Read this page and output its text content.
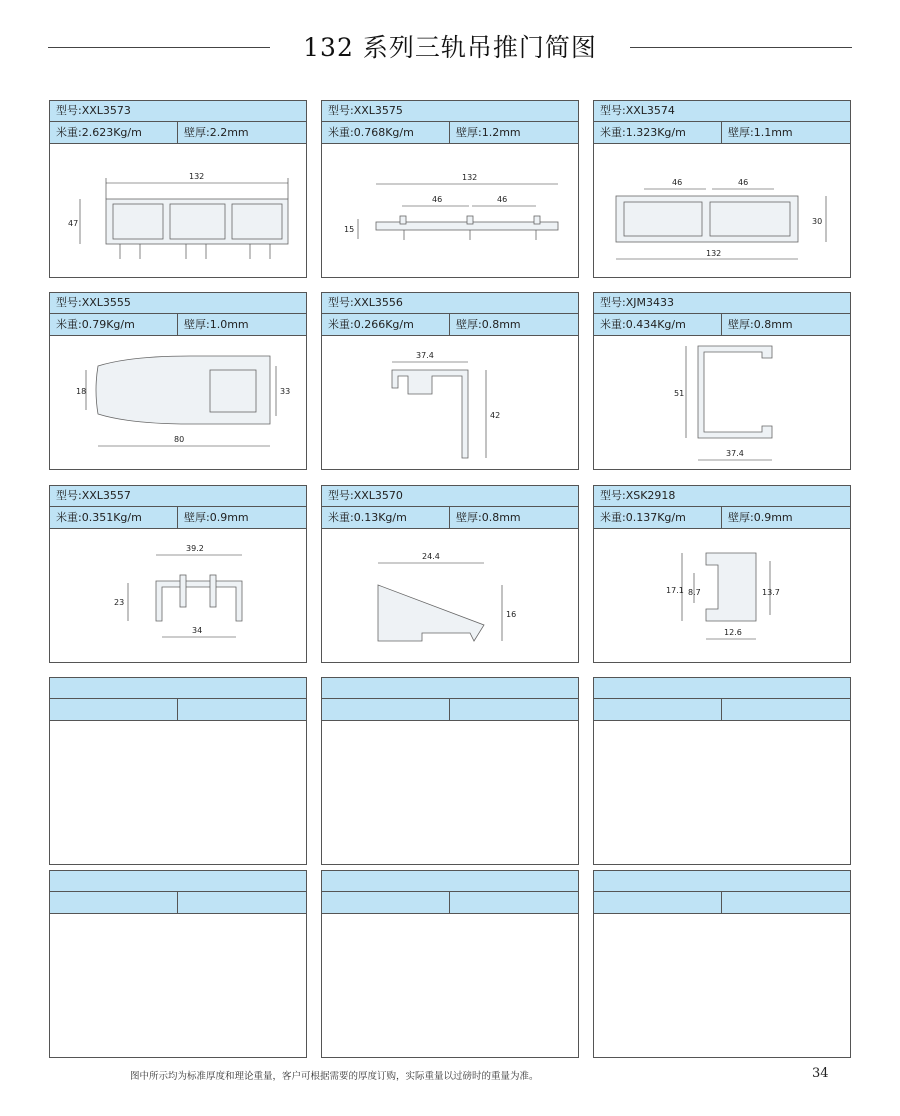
132 系列三轨吊推门简图
型号:XXL3573
米重:2.623Kg/m	壁厚:2.2mm
132
47
型号:XXL3575
米重:0.768Kg/m	壁厚:1.2mm
132
46	46
15
型号:XXL3574
米重:1.323Kg/m	壁厚:1.1mm
46	46
30
132
型号:XXL3555
米重:0.79Kg/m	壁厚:1.0mm
18	33
80
型号:XXL3556
米重:0.266Kg/m	壁厚:0.8mm
37.4
42
型号:XJM3433
米重:0.434Kg/m	壁厚:0.8mm
51
37.4
型号:XXL3557
米重:0.351Kg/m	壁厚:0.9mm
39.2
23
34
型号:XXL3570
米重:0.13Kg/m	壁厚:0.8mm
24.4
16
型号:XSK2918
米重:0.137Kg/m	壁厚:0.9mm
17.1 8.7	13.7
12.6
图中所示均为标准厚度和理论重量，客户可根据需要的厚度订购，实际重量以过磅时的重量为准。	34
